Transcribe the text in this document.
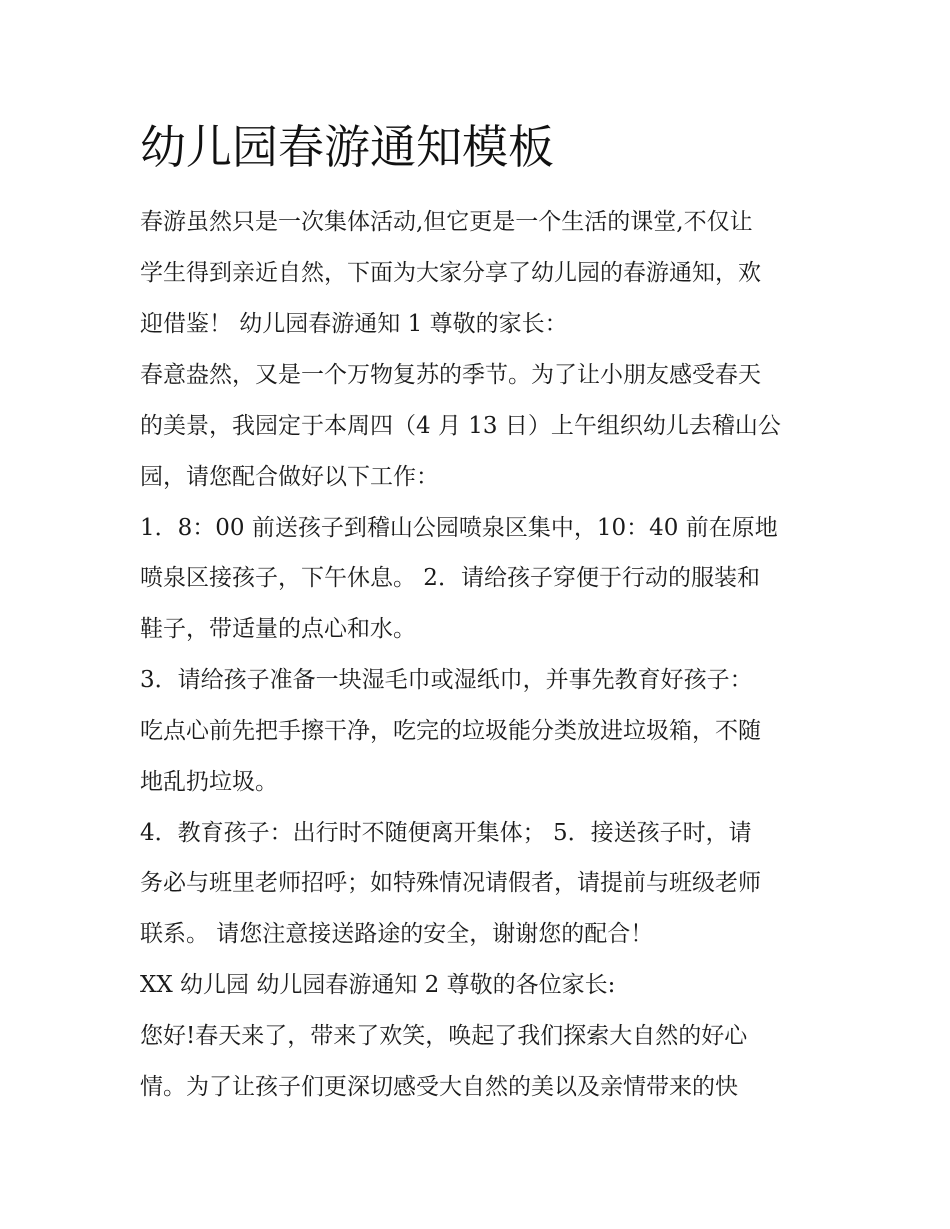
幼儿园春游通知模板

春游虽然只是一次集体活动,但它更是一个生活的课堂,不仅让

学生得到亲近自然，下面为大家分享了幼儿园的春游通知，欢

迎借鉴！ 幼儿园春游通知 1 尊敬的家长：

春意盎然，又是一个万物复苏的季节。为了让小朋友感受春天

的美景，我园定于本周四（4 月 13 日）上午组织幼儿去稽山公

园，请您配合做好以下工作：

1．8：00 前送孩子到稽山公园喷泉区集中，10：40 前在原地

喷泉区接孩子，下午休息。 2．请给孩子穿便于行动的服装和

鞋子，带适量的点心和水。

3．请给孩子准备一块湿毛巾或湿纸巾，并事先教育好孩子：

吃点心前先把手擦干净，吃完的垃圾能分类放进垃圾箱，不随

地乱扔垃圾。

4．教育孩子：出行时不随便离开集体； 5．接送孩子时，请

务必与班里老师招呼；如特殊情况请假者，请提前与班级老师

联系。 请您注意接送路途的安全，谢谢您的配合！

XX 幼儿园 幼儿园春游通知 2 尊敬的各位家长:

您好!春天来了，带来了欢笑，唤起了我们探索大自然的好心

情。为了让孩子们更深切感受大自然的美以及亲情带来的快
